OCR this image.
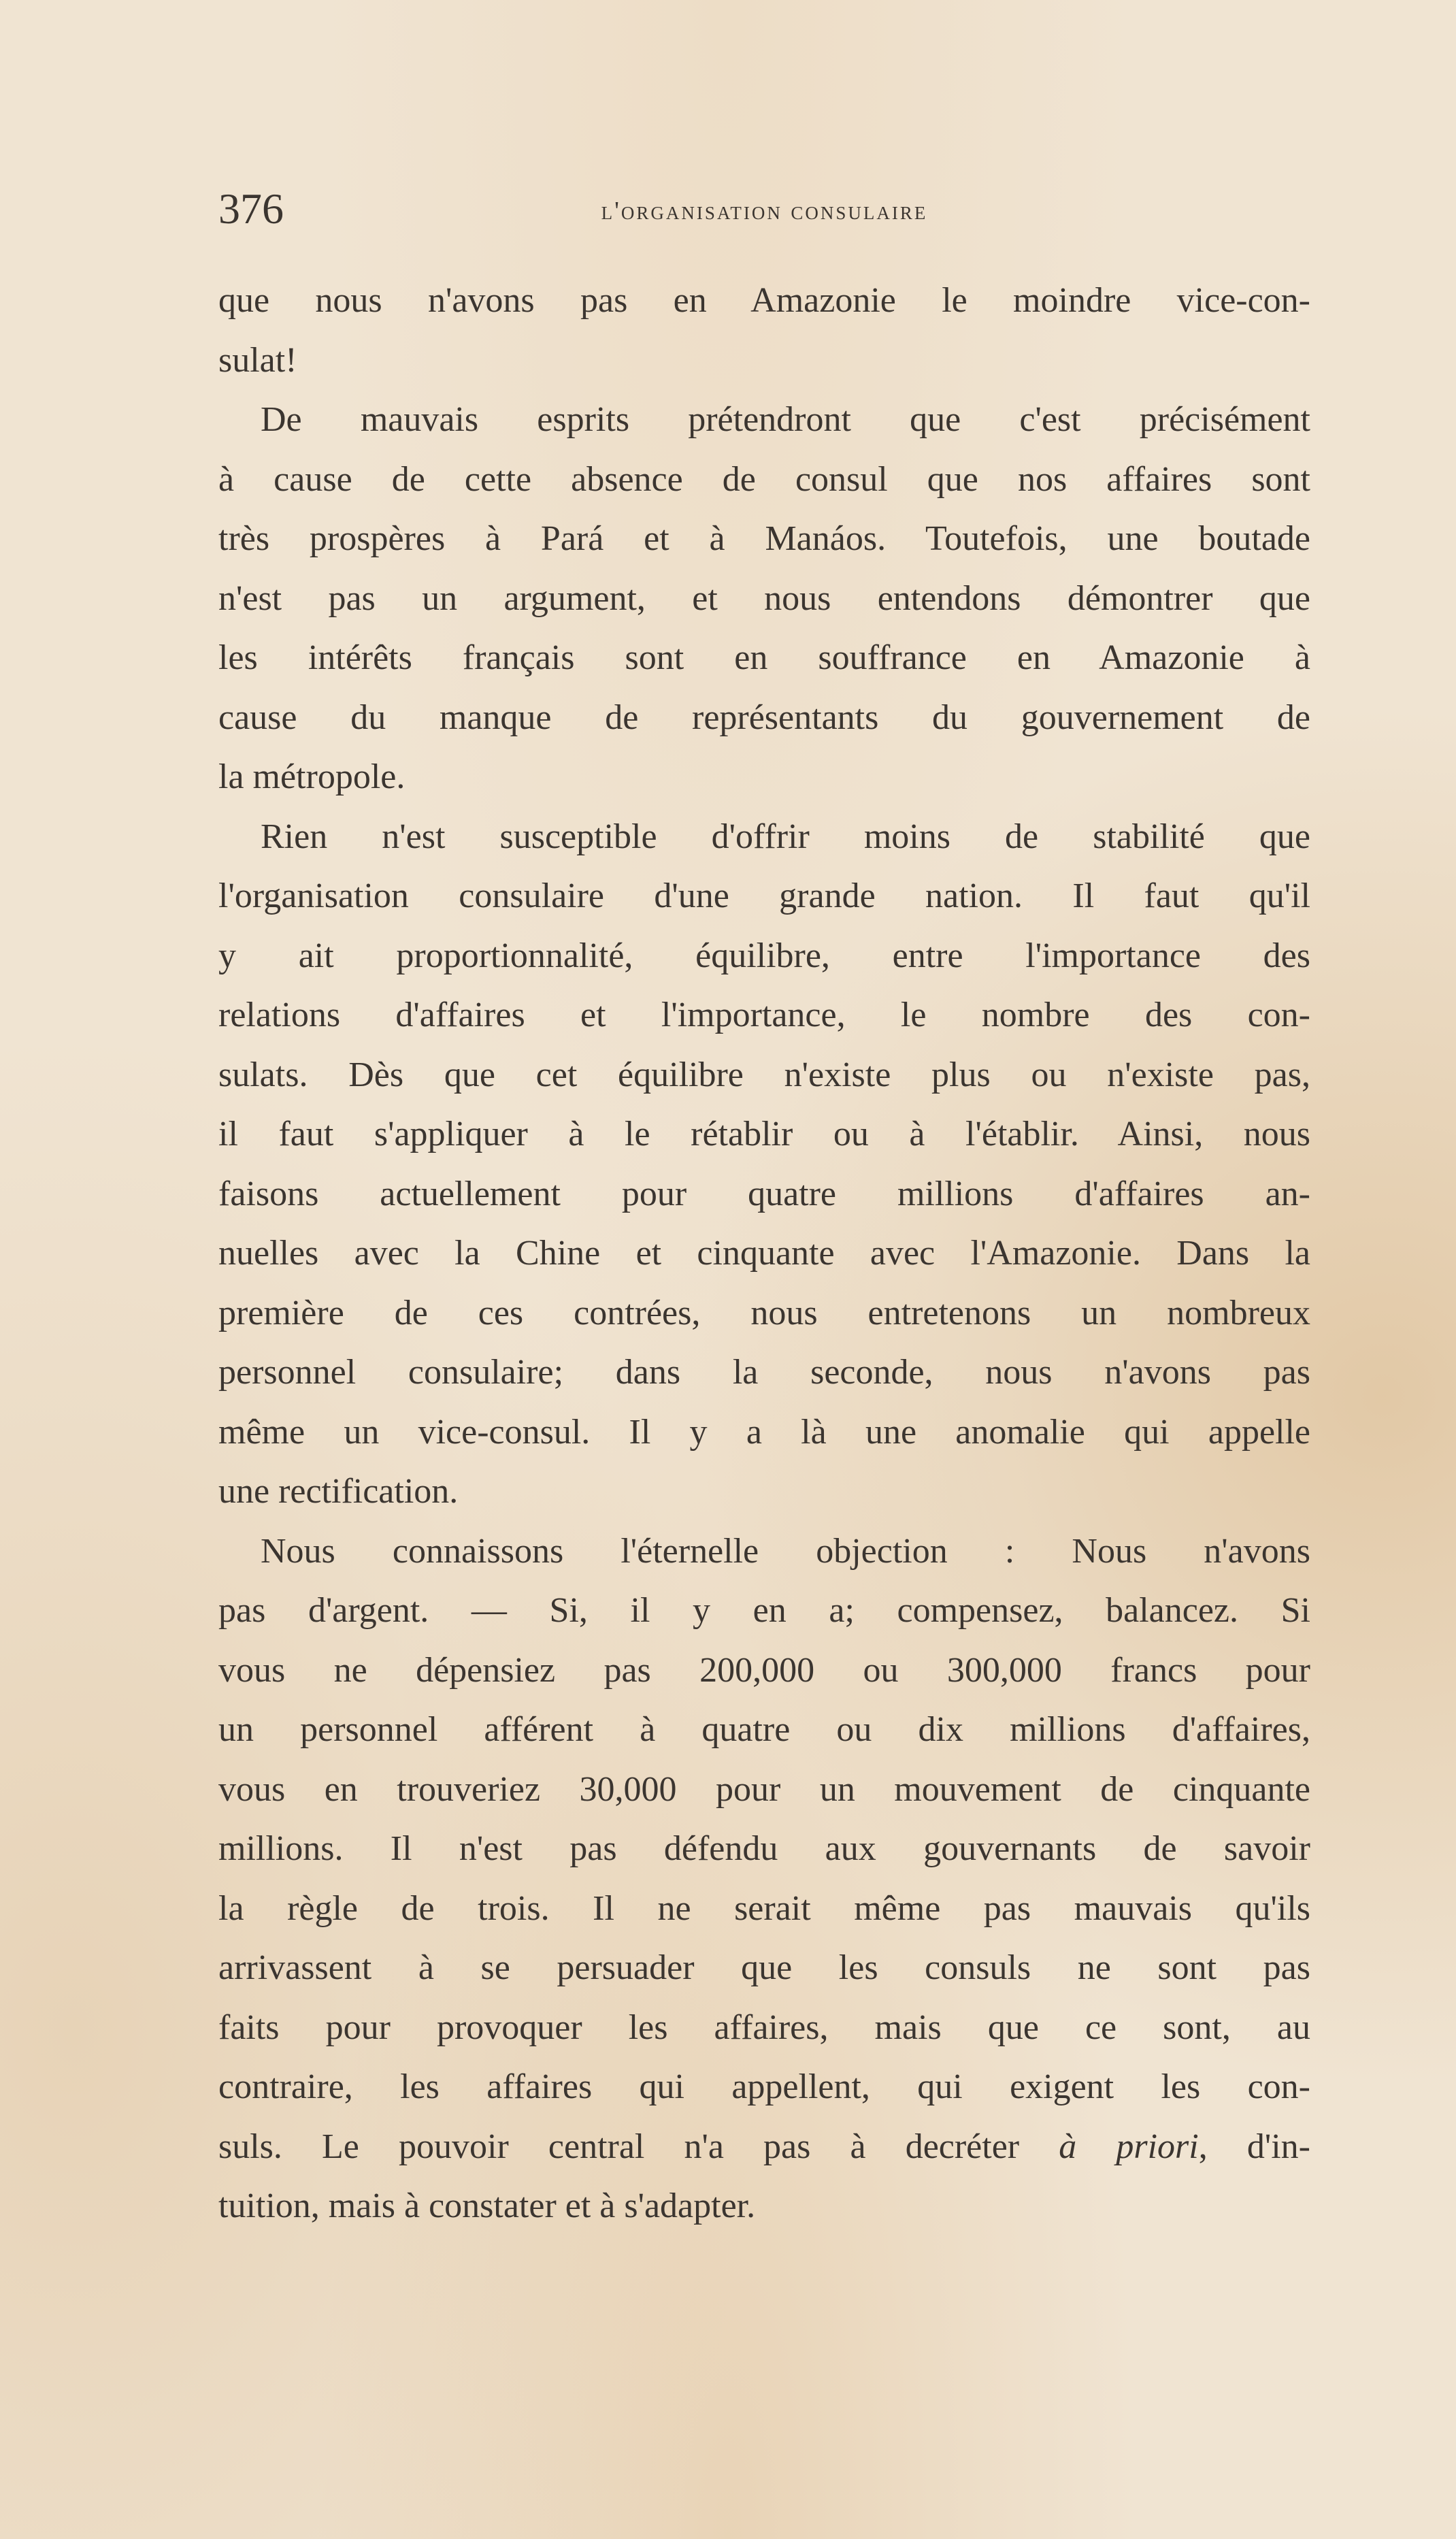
376	l'organisation consulaire
que nous n'avons pas en Amazonie le moindre vice-con-
sulat!
De mauvais esprits prétendront que c'est précisément
à cause de cette absence de consul que nos affaires sont
très prospères à Pará et à Manáos. Toutefois, une boutade
n'est pas un argument, et nous entendons démontrer que
les intérêts français sont en souffrance en Amazonie à
cause du manque de représentants du gouvernement de
la métropole.
Rien n'est susceptible d'offrir moins de stabilité que
l'organisation consulaire d'une grande nation. Il faut qu'il
y ait proportionnalité, équilibre, entre l'importance des
relations d'affaires et l'importance, le nombre des con-
sulats. Dès que cet équilibre n'existe plus ou n'existe pas,
il faut s'appliquer à le rétablir ou à l'établir. Ainsi, nous
faisons actuellement pour quatre millions d'affaires an-
nuelles avec la Chine et cinquante avec l'Amazonie. Dans la
première de ces contrées, nous entretenons un nombreux
personnel consulaire; dans la seconde, nous n'avons pas
même un vice-consul. Il y a là une anomalie qui appelle
une rectification.
Nous connaissons l'éternelle objection : Nous n'avons
pas d'argent. — Si, il y en a; compensez, balancez. Si
vous ne dépensiez pas 200,000 ou 300,000 francs pour
un personnel afférent à quatre ou dix millions d'affaires,
vous en trouveriez 30,000 pour un mouvement de cinquante
millions. Il n'est pas défendu aux gouvernants de savoir
la règle de trois. Il ne serait même pas mauvais qu'ils
arrivassent à se persuader que les consuls ne sont pas
faits pour provoquer les affaires, mais que ce sont, au
contraire, les affaires qui appellent, qui exigent les con-
suls. Le pouvoir central n'a pas à decréter à priori, d'in-
tuition, mais à constater et à s'adapter.
